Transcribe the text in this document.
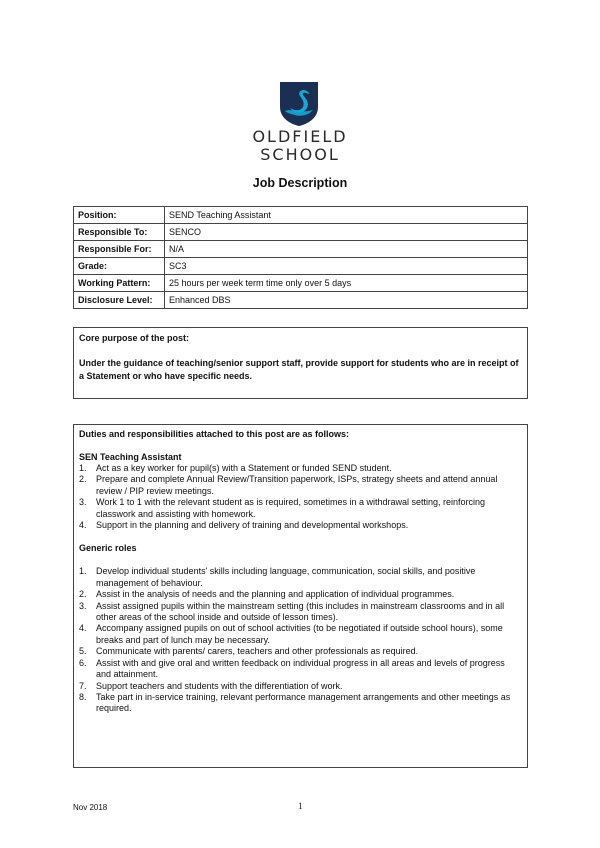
OLDFIELD
SCHOOL
Job Description
Position:	SEND Teaching Assistant
Responsible To:	SENCO
Responsible For:	N/A
Grade:	SC3
Working Pattern:	25 hours per week term time only over 5 days
Disclosure Level:	Enhanced DBS
Core purpose of the post:
Under the guidance of teaching/senior support staff, provide support for students who are in receipt of a Statement or who have specific needs.
Duties and responsibilities attached to this post are as follows:
SEN Teaching Assistant
1. Act as a key worker for pupil(s) with a Statement or funded SEND student.
2. Prepare and complete Annual Review/Transition paperwork, ISPs, strategy sheets and attend annual review / PIP review meetings.
3. Work 1 to 1 with the relevant student as is required, sometimes in a withdrawal setting, reinforcing classwork and assisting with homework.
4. Support in the planning and delivery of training and developmental workshops.
Generic roles
1. Develop individual students' skills including language, communication, social skills, and positive management of behaviour.
2. Assist in the analysis of needs and the planning and application of individual programmes.
3. Assist assigned pupils within the mainstream setting (this includes in mainstream classrooms and in all other areas of the school inside and outside of lesson times).
4. Accompany assigned pupils on out of school activities (to be negotiated if outside school hours), some breaks and part of lunch may be necessary.
5. Communicate with parents/ carers, teachers and other professionals as required.
6. Assist with and give oral and written feedback on individual progress in all areas and levels of progress and attainment.
7. Support teachers and students with the differentiation of work.
8. Take part in in-service training, relevant performance management arrangements and other meetings as required.
Nov 2018	1
